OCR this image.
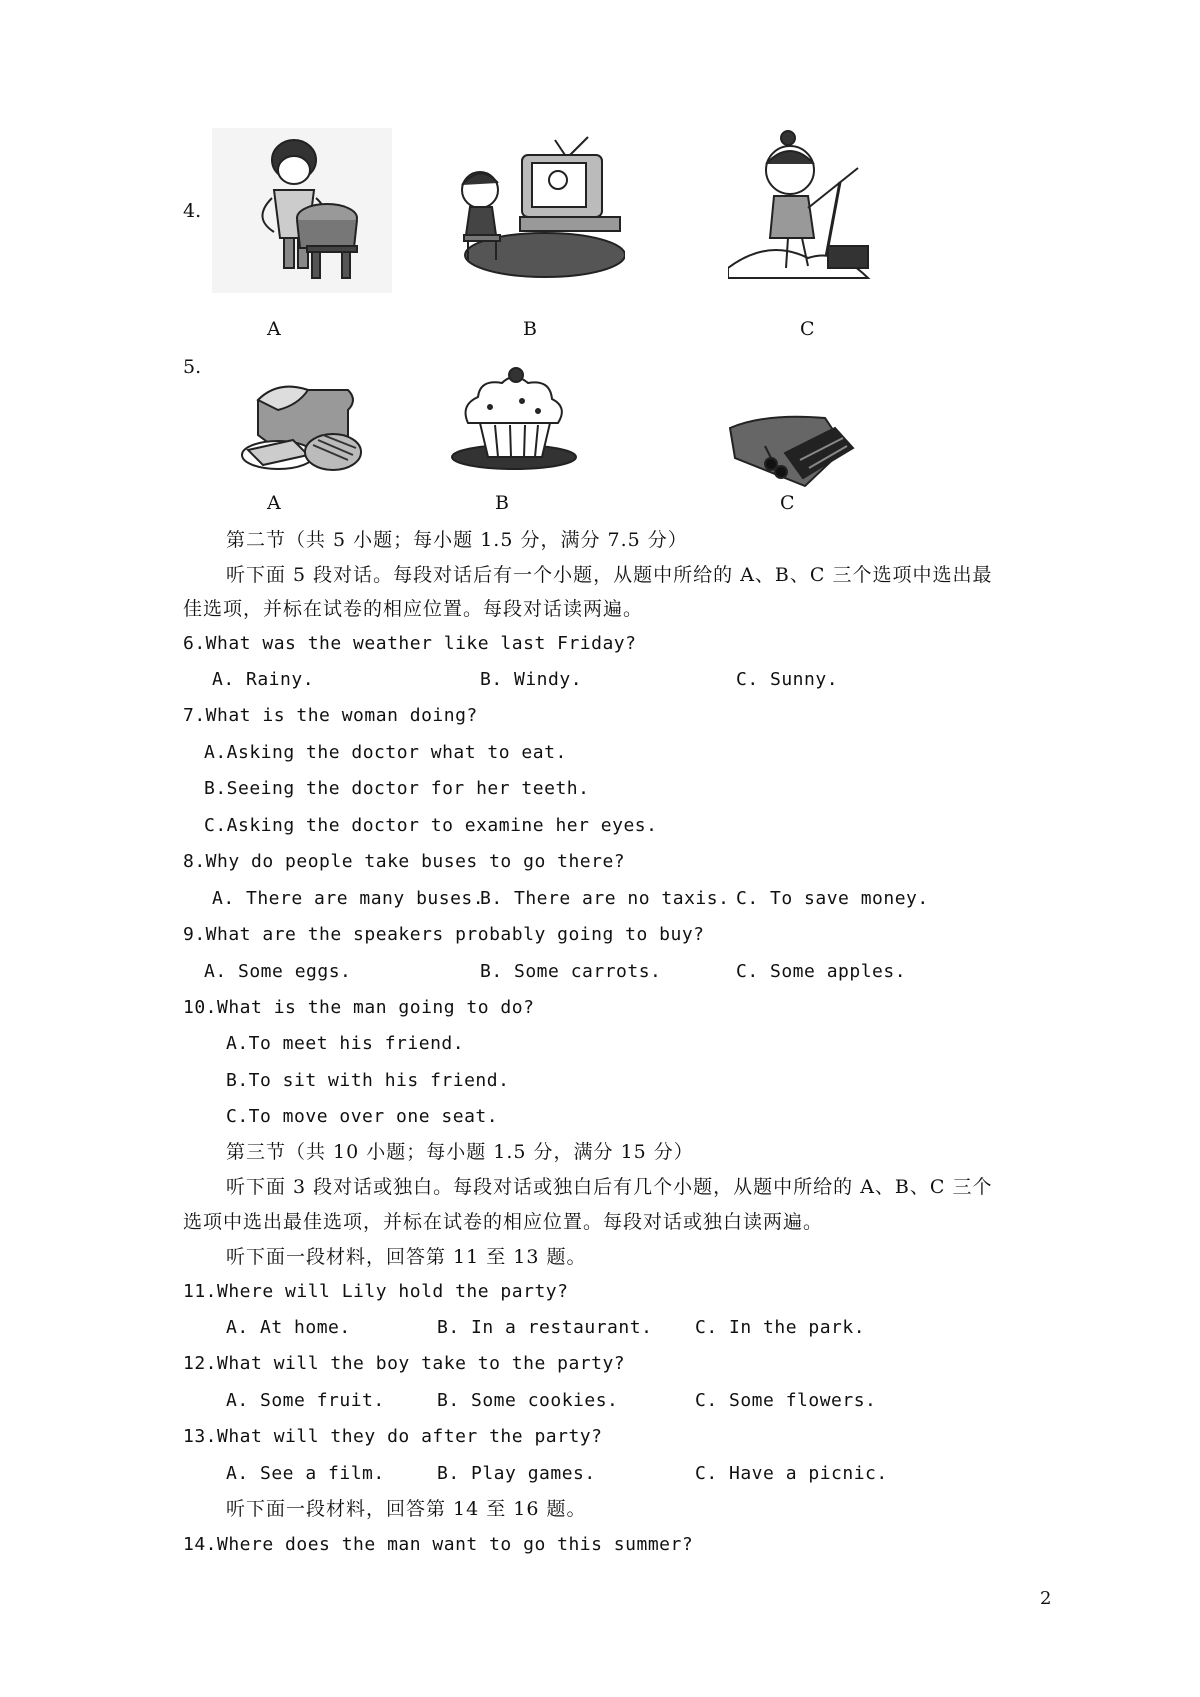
4.
A	B	C
5.
A	B	C
第二节（共 5 小题；每小题 1.5 分，满分 7.5 分）
听下面 5 段对话。每段对话后有一个小题，从题中所给的 A、B、C 三个选项中选出最
佳选项，并标在试卷的相应位置。每段对话读两遍。
6.What was the weather like last Friday?
A. Rainy.	B. Windy.	C. Sunny.
7.What is the woman doing?
A.Asking the doctor what to eat.
B.Seeing the doctor for her teeth.
C.Asking the doctor to examine her eyes.
8.Why do people take buses to go there?
A. There are many buses.
B. There are no taxis. C. To save money.
9.What are the speakers probably going to buy?
A. Some eggs.	B. Some carrots.	C. Some apples.
10.What is the man going to do?
A.To meet his friend.
B.To sit with his friend.
C.To move over one seat.
第三节（共 10 小题；每小题 1.5 分，满分 15 分）
听下面 3 段对话或独白。每段对话或独白后有几个小题，从题中所给的 A、B、C 三个
选项中选出最佳选项，并标在试卷的相应位置。每段对话或独白读两遍。
听下面一段材料，回答第 11 至 13 题。
11.Where will Lily hold the party?
A. At home.	B. In a restaurant. C. In the park.
12.What will the boy take to the party?
A. Some fruit.	B. Some cookies.	C. Some flowers.
13.What will they do after the party?
A. See a film.	B. Play games.	C. Have a picnic.
听下面一段材料，回答第 14 至 16 题。
14.Where does the man want to go this summer?
2
